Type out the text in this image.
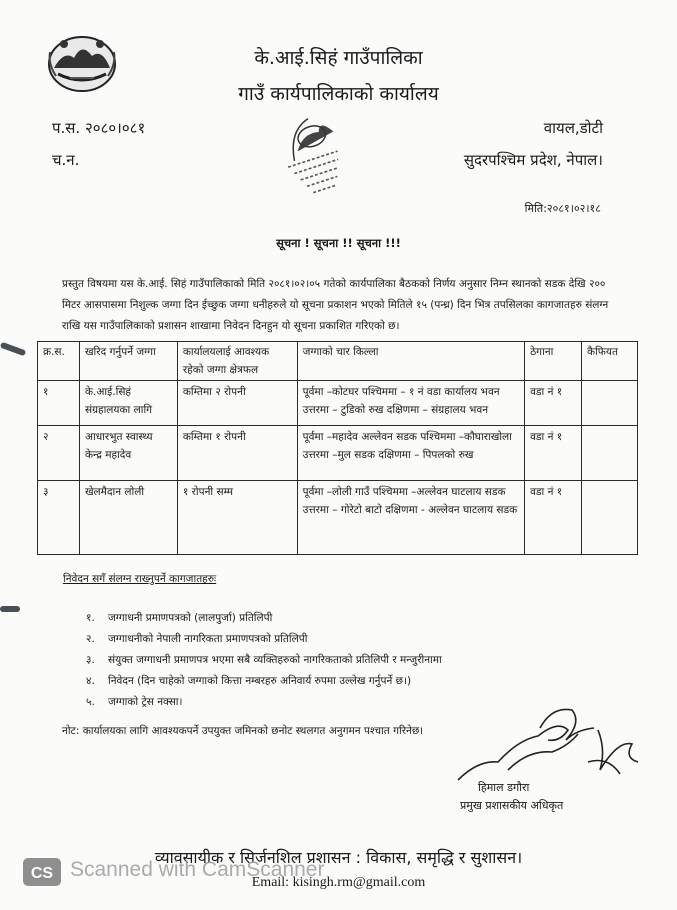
के.आई.सिहं गाउँपालिका
गाउँ कार्यपालिकाको कार्यालय
प.स. २०८०।०८१
च.न.
वायल,डोटी
सुदरपश्चिम प्रदेश, नेपाल।
मिति:२०८१।०२।१८
सूचना ! सूचना !! सूचना !!!
प्रस्तुत विषयमा यस के.आई. सिहं गाउँपालिकाको मिति २०८१।०२।०५ गतेको कार्यपालिका बैठकको निर्णय अनुसार निम्न स्थानको सडक देखि २०० मिटर आसपासमा निशुल्क जग्गा दिन ईच्छुक जग्गा धनीहरुले यो सूचना प्रकाशन भएको मितिले १५ (पन्ध्र) दिन भित्र तपसिलका कागजातहरु संलग्न राखि यस गाउँपालिकाको प्रशासन शाखामा निवेदन दिनहुन यो सूचना प्रकाशित गरिएको छ।
क्र.स.	खरिद गर्नुपर्ने जग्गा	कार्यालयलाई आवश्यक रहेको जग्गा क्षेत्रफल	जग्गाको चार किल्ला	ठेगाना	कैफियत
१	के.आई.सिहं संग्रहालयका लागि	कम्तिमा २ रोपनी	पूर्वमा –कोटघर पश्चिममा – १ नं वडा कार्यालय भवन
उत्तरमा – टुडिको रुख दक्षिणमा – संग्रहालय भवन	वडा नं १	
२	आधारभुत स्वास्थ्य केन्द्र महादेव	कम्तिमा १ रोपनी	पूर्वमा –महादेव अल्लेवन सडक पश्चिममा –कौघाराखोला
उत्तरमा –मुल सडक दक्षिणमा – पिपलको रुख	वडा नं १	
३	खेलमैदान लोली	१ रोपनी सम्म	पूर्वमा –लोली गाउँ पश्चिममा –अल्लेवन घाटलाय सडक
उत्तरमा – गोरेटो बाटो दक्षिणमा - अल्लेवन घाटलाय सडक	वडा नं १	
निवेदन सगँ संलग्न राख्नुपर्ने कागजातहरुः
१. जग्गाधनी प्रमाणपत्रको (लालपुर्जा) प्रतिलिपी
२. जग्गाधनीको नेपाली नागरिकता प्रमाणपत्रको प्रतिलिपी
३. संयुक्त जग्गाधनी प्रमाणपत्र भएमा सबै व्यक्तिहरुको नागरिकताको प्रतिलिपी र मन्जुरीनामा
४. निवेदन (दिन चाहेको जग्गाको कित्ता नम्बरहरु अनिवार्य रुपमा उल्लेख गर्नुपर्ने छ।)
५. जग्गाको ट्रेस नक्सा।
नोट: कार्यालयका लागि आवश्यकपर्ने उपयुक्त जमिनको छनोट स्थलगत अनुगमन पश्चात गरिनेछ।
हिमाल डगौरा
प्रमुख प्रशासकीय अधिकृत
व्यावसायीक र सिर्जनशिल प्रशासन : विकास, समृद्धि र सुशासन।
Email: kisingh.rm@gmail.com
CS Scanned with CamScanner
